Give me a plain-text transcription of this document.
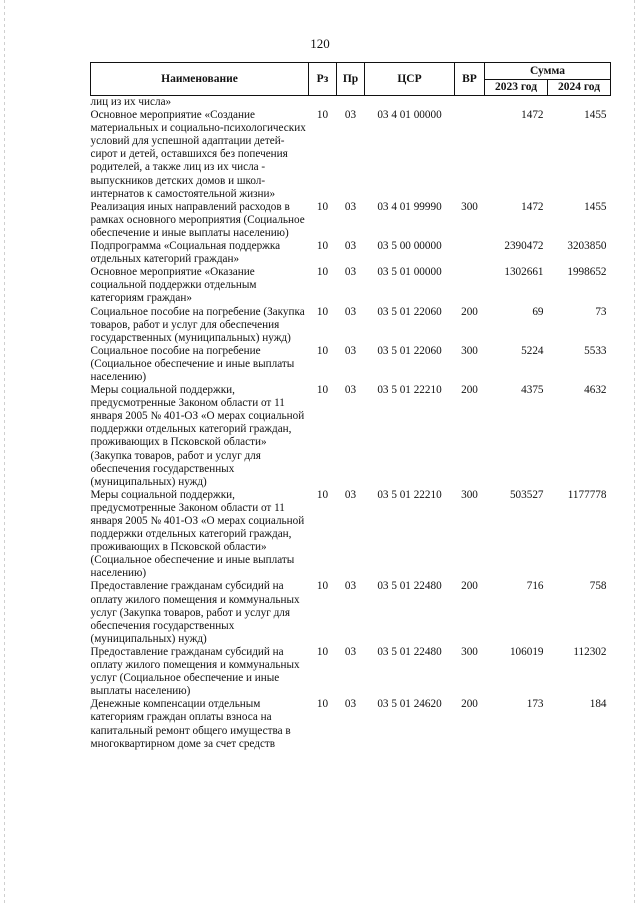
120
Наименование	Рз	Пр	ЦСР	ВР	Сумма	
					2023 год	2024 год
лиц из их числа»						
Основное мероприятие «Создание материальных и социально-психологических условий для успешной адаптации детей-сирот и детей, оставшихся без попечения родителей, а также лиц из их числа - выпускников детских домов и школ-интернатов к самостоятельной жизни»	10	03	03 4 01 00000		1472	1455
Реализация иных направлений расходов в рамках основного мероприятия (Социальное обеспечение и иные выплаты населению)	10	03	03 4 01 99990	300	1472	1455
Подпрограмма «Социальная поддержка отдельных категорий граждан»	10	03	03 5 00 00000		2390472	3203850
Основное мероприятие «Оказание социальной поддержки отдельным категориям граждан»	10	03	03 5 01 00000		1302661	1998652
Социальное пособие на погребение (Закупка товаров, работ и услуг для обеспечения государственных (муниципальных) нужд)	10	03	03 5 01 22060	200	69	73
Социальное пособие на погребение (Социальное обеспечение и иные выплаты населению)	10	03	03 5 01 22060	300	5224	5533
Меры социальной поддержки, предусмотренные Законом области от 11 января 2005 № 401-ОЗ «О мерах социальной поддержки отдельных категорий граждан, проживающих в Псковской области» (Закупка товаров, работ и услуг для обеспечения государственных (муниципальных) нужд)	10	03	03 5 01 22210	200	4375	4632
Меры социальной поддержки, предусмотренные Законом области от 11 января 2005 № 401-ОЗ «О мерах социальной поддержки отдельных категорий граждан, проживающих в Псковской области» (Социальное обеспечение и иные выплаты населению)	10	03	03 5 01 22210	300	503527	1177778
Предоставление гражданам субсидий на оплату жилого помещения и коммунальных услуг (Закупка товаров, работ и услуг для обеспечения государственных (муниципальных) нужд)	10	03	03 5 01 22480	200	716	758
Предоставление гражданам субсидий на оплату жилого помещения и коммунальных услуг (Социальное обеспечение и иные выплаты населению)	10	03	03 5 01 22480	300	106019	112302
Денежные компенсации отдельным категориям граждан оплаты взноса на капитальный ремонт общего имущества в многоквартирном доме за счет средств	10	03	03 5 01 24620	200	173	184
